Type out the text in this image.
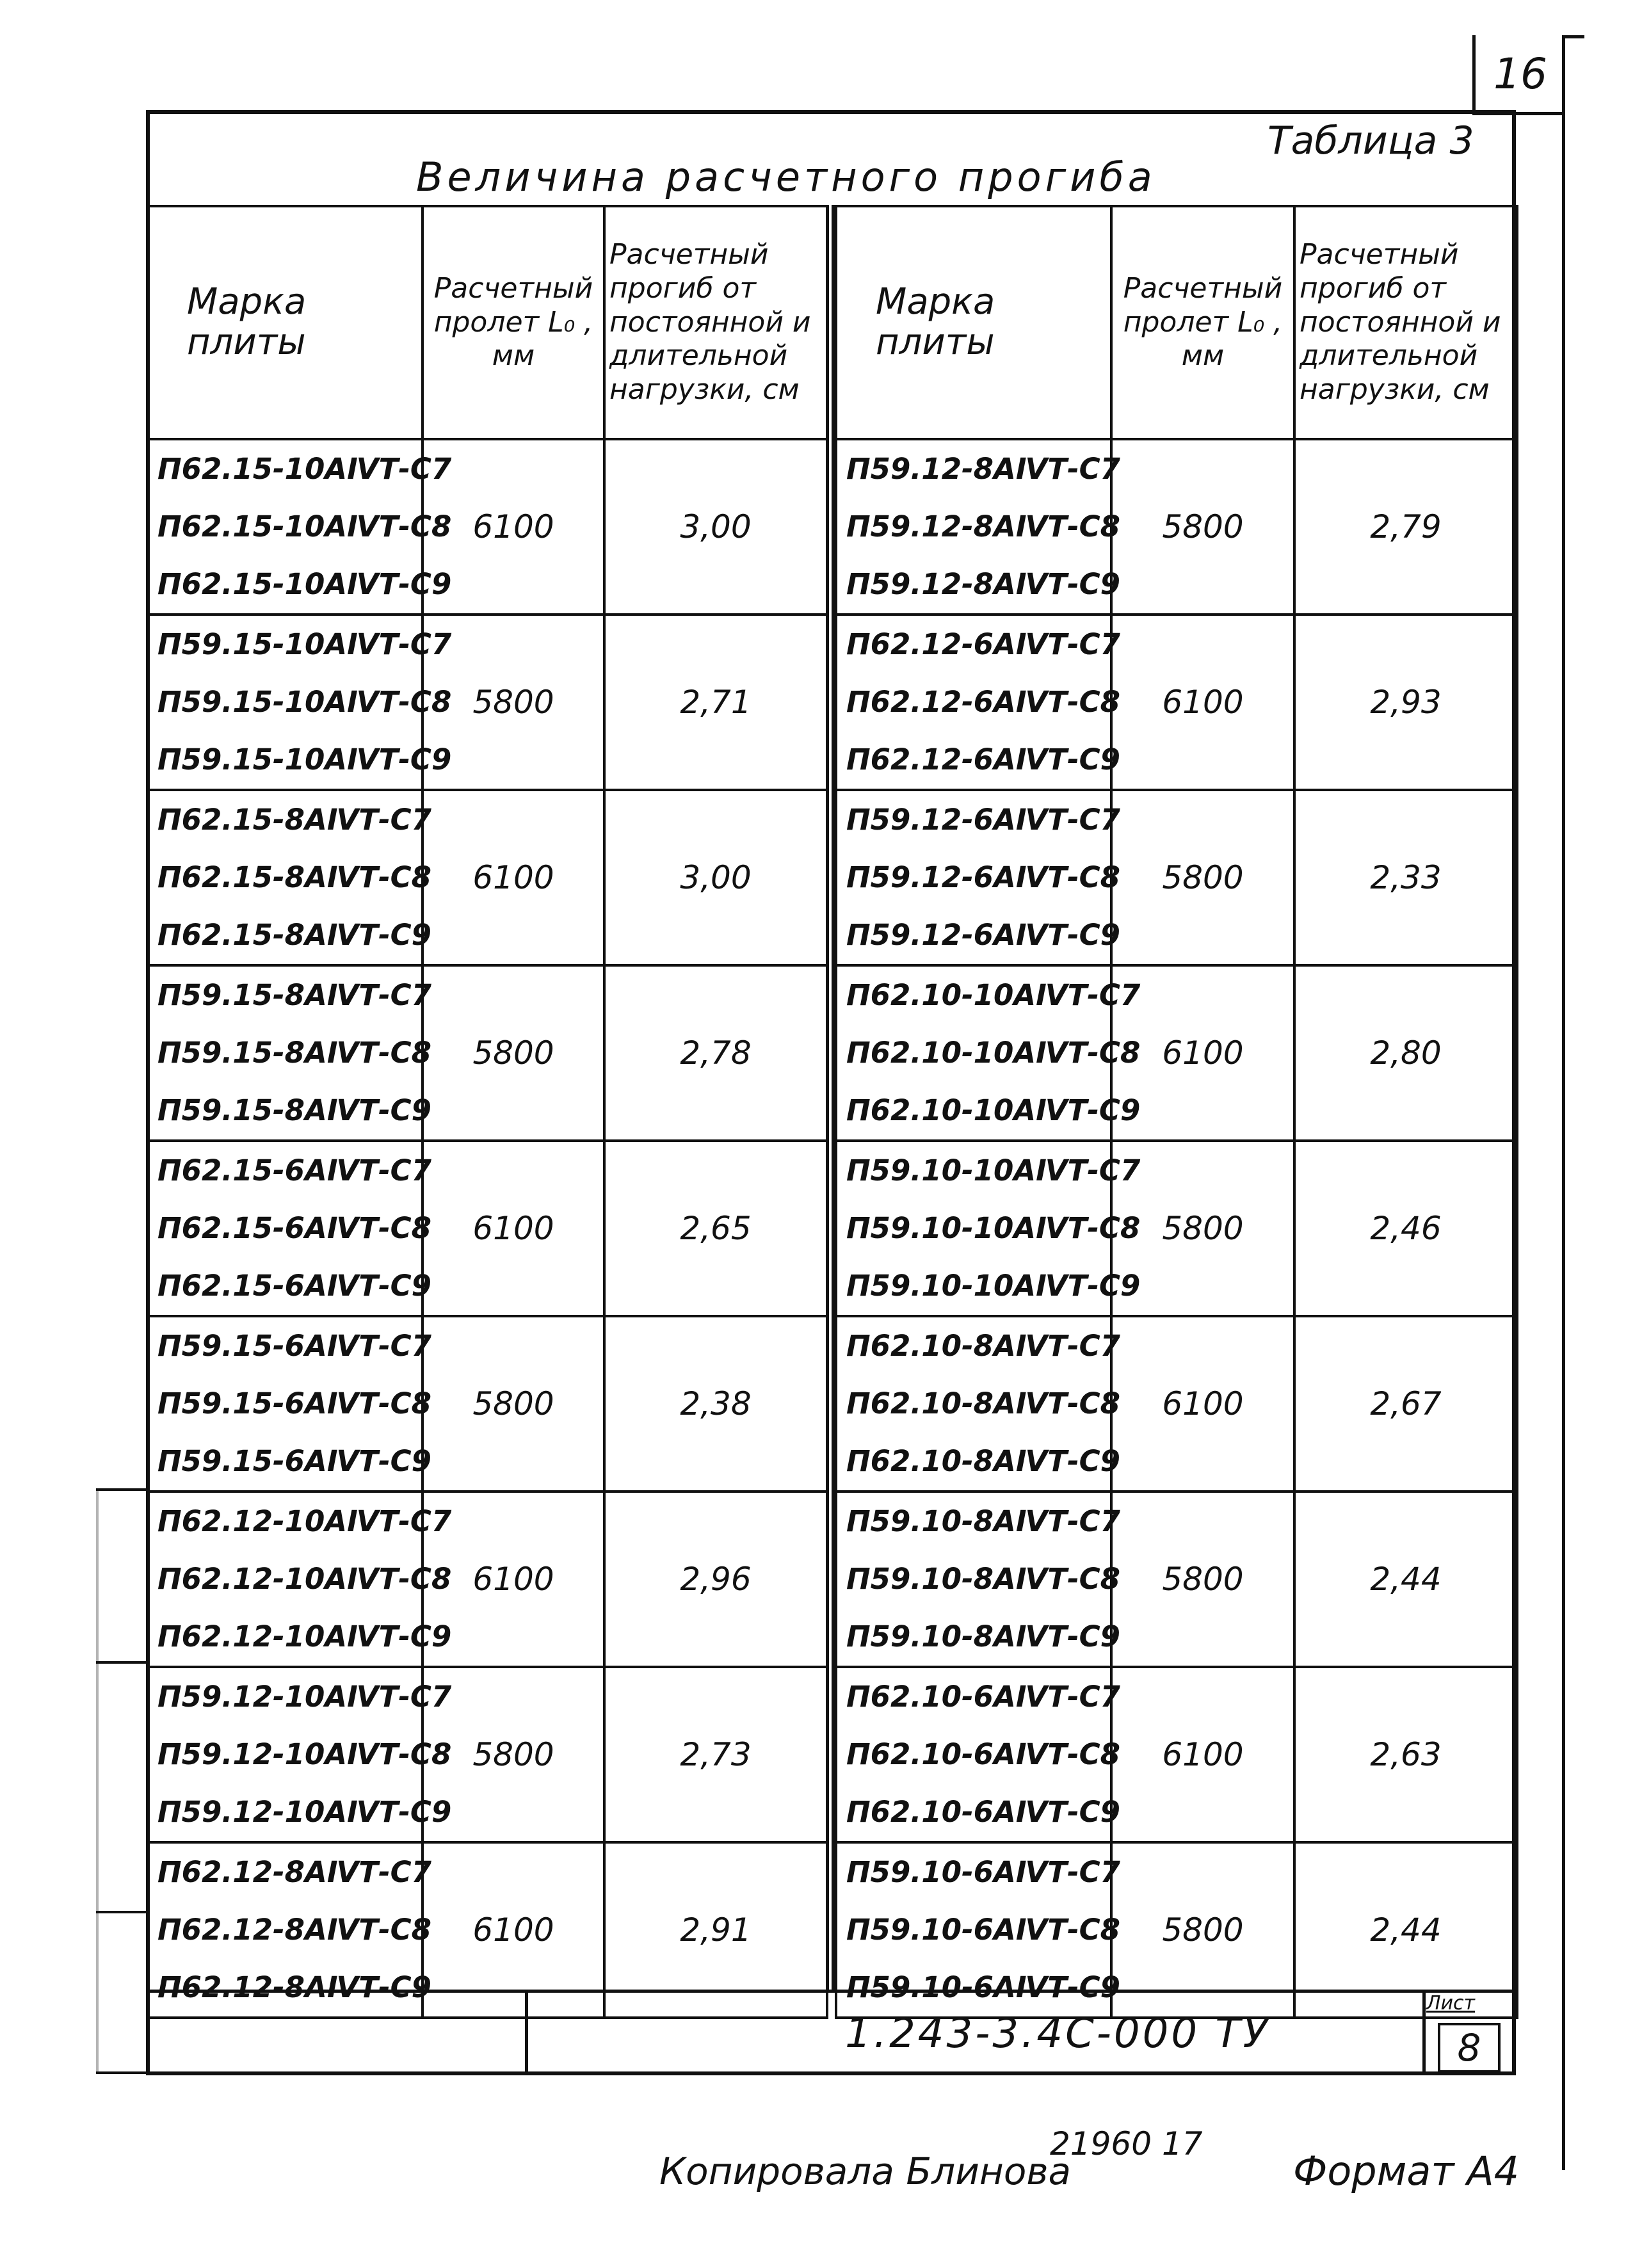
16
Таблица 3
Величина расчетного прогиба
Марка плиты	Расчетный пролет L₀ , мм	Расчетный прогиб от постоянной и длительной нагрузки, см

П62.15-10АⅣТ-С7
П62.15-10АⅣТ-С8
П62.15-10АⅣТ-С9	6100	3,00

П59.15-10АⅣТ-С7
П59.15-10АⅣТ-С8
П59.15-10АⅣТ-С9	5800	2,71

П62.15-8АⅣТ-С7
П62.15-8АⅣТ-С8
П62.15-8АⅣТ-С9	6100	3,00

П59.15-8АⅣТ-С7
П59.15-8АⅣТ-С8
П59.15-8АⅣТ-С9	5800	2,78

П62.15-6АⅣТ-С7
П62.15-6АⅣТ-С8
П62.15-6АⅣТ-С9	6100	2,65

П59.15-6АⅣТ-С7
П59.15-6АⅣТ-С8
П59.15-6АⅣТ-С9	5800	2,38

П62.12-10АⅣТ-С7
П62.12-10АⅣТ-С8
П62.12-10АⅣТ-С9	6100	2,96

П59.12-10АⅣТ-С7
П59.12-10АⅣТ-С8
П59.12-10АⅣТ-С9	5800	2,73

П62.12-8АⅣТ-С7
П62.12-8АⅣТ-С8
П62.12-8АⅣТ-С9	6100	2,91
Марка плиты	Расчетный пролет L₀ , мм	Расчетный прогиб от постоянной и длительной нагрузки, см

П59.12-8АⅣТ-С7
П59.12-8АⅣТ-С8
П59.12-8АⅣТ-С9	5800	2,79

П62.12-6АⅣТ-С7
П62.12-6АⅣТ-С8
П62.12-6АⅣТ-С9	6100	2,93

П59.12-6АⅣТ-С7
П59.12-6АⅣТ-С8
П59.12-6АⅣТ-С9	5800	2,33

П62.10-10АⅣТ-С7
П62.10-10АⅣТ-С8
П62.10-10АⅣТ-С9	6100	2,80

П59.10-10АⅣТ-С7
П59.10-10АⅣТ-С8
П59.10-10АⅣТ-С9	5800	2,46

П62.10-8АⅣТ-С7
П62.10-8АⅣТ-С8
П62.10-8АⅣТ-С9	6100	2,67

П59.10-8АⅣТ-С7
П59.10-8АⅣТ-С8
П59.10-8АⅣТ-С9	5800	2,44

П62.10-6АⅣТ-С7
П62.10-6АⅣТ-С8
П62.10-6АⅣТ-С9	6100	2,63

П59.10-6АⅣТ-С7
П59.10-6АⅣТ-С8
П59.10-6АⅣТ-С9	5800	2,44
1.243-3.4С-000 ТУ
Лист
8
Копировала Блинова
21960 17
Формат А4
